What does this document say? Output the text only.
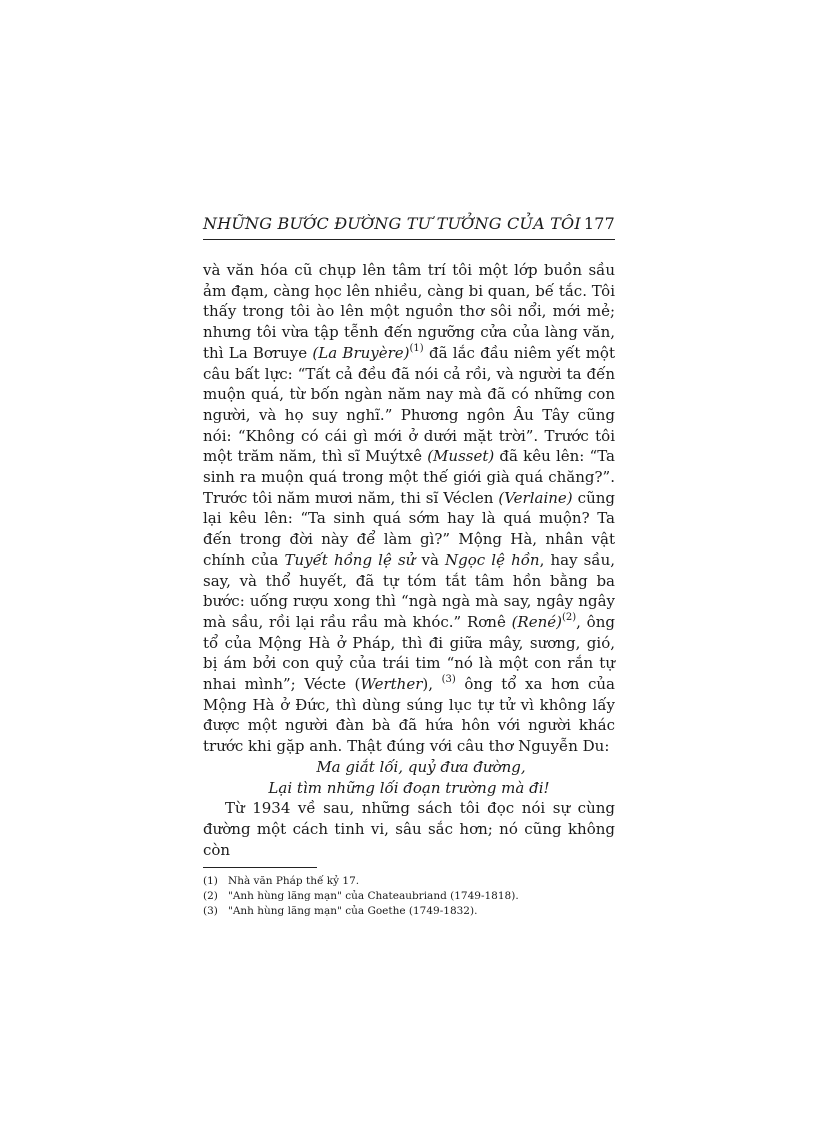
NHỮNG BƯỚC ĐƯỜNG TƯ TƯỞNG CỦA TÔI 177

và văn hóa cũ chụp lên tâm trí tôi một lớp buồn sầu ảm đạm, càng học lên nhiều, càng bi quan, bế tắc. Tôi thấy trong tôi ào lên một nguồn thơ sôi nổi, mới mẻ; nhưng tôi vừa tập tễnh đến ngưỡng cửa của làng văn, thì La Bơruye (La Bruyère)$^{(1)}$ đã lắc đầu niêm yết một câu bất lực: “Tất cả đều đã nói cả rồi, và người ta đến muộn quá, từ bốn ngàn năm nay mà đã có những con người, và họ suy nghĩ.” Phương ngôn Âu Tây cũng nói: “Không có cái gì mới ở dưới mặt trời”. Trước tôi một trăm năm, thì sĩ Muýtxê (Musset) đã kêu lên: “Ta sinh ra muộn quá trong một thế giới già quá chăng?”. Trước tôi năm mươi năm, thi sĩ Véclen (Verlaine) cũng lại kêu lên: “Ta sinh quá sớm hay là quá muộn? Ta đến trong đời này để làm gì?” Mộng Hà, nhân vật chính của Tuyết hồng lệ sử và Ngọc lệ hồn, hay sầu, say, và thổ huyết, đã tự tóm tắt tâm hồn bằng ba bước: uống rượu xong thì “ngà ngà mà say, ngây ngây mà sầu, rồi lại rầu rầu mà khóc.” Rơnê (René)$^{(2)}$, ông tổ của Mộng Hà ở Pháp, thì đi giữa mây, sương, gió, bị ám bởi con quỷ của trái tim “nó là một con rắn tự nhai mình”; Vécte (Werther), $^{(3)}$ ông tổ xa hơn của Mộng Hà ở Đức, thì dùng súng lục tự tử vì không lấy được một người đàn bà đã hứa hôn với người khác trước khi gặp anh. Thật đúng với câu thơ Nguyễn Du:

Ma giắt lối, quỷ đưa đường,
Lại tìm những lối đoạn trường mà đi!

Từ 1934 về sau, những sách tôi đọc nói sự cùng đường một cách tinh vi, sâu sắc hơn; nó cũng không còn

(1) Nhà văn Pháp thế kỷ 17.
(2) "Anh hùng lãng mạn" của Chateaubriand (1749-1818).
(3) "Anh hùng lãng mạn" của Goethe (1749-1832).
